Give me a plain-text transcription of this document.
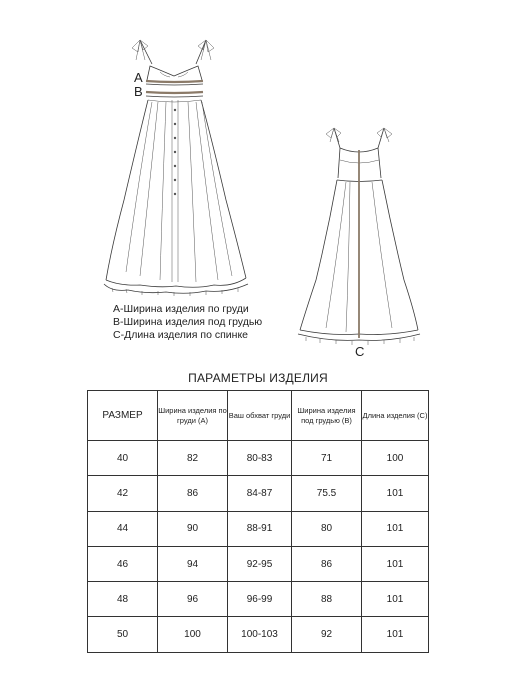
A
B
C
A-Ширина изделия по груди
B-Ширина изделия под грудью
C-Длина изделия по спинке
ПАРАМЕТРЫ ИЗДЕЛИЯ
РАЗМЕР	Ширина изделия по груди (A)	Ваш обхват груди	Ширина изделия под грудью (B)	Длина изделия (C)
40	82	80-83	71	100
42	86	84-87	75.5	101
44	90	88-91	80	101
46	94	92-95	86	101
48	96	96-99	88	101
50	100	100-103	92	101
